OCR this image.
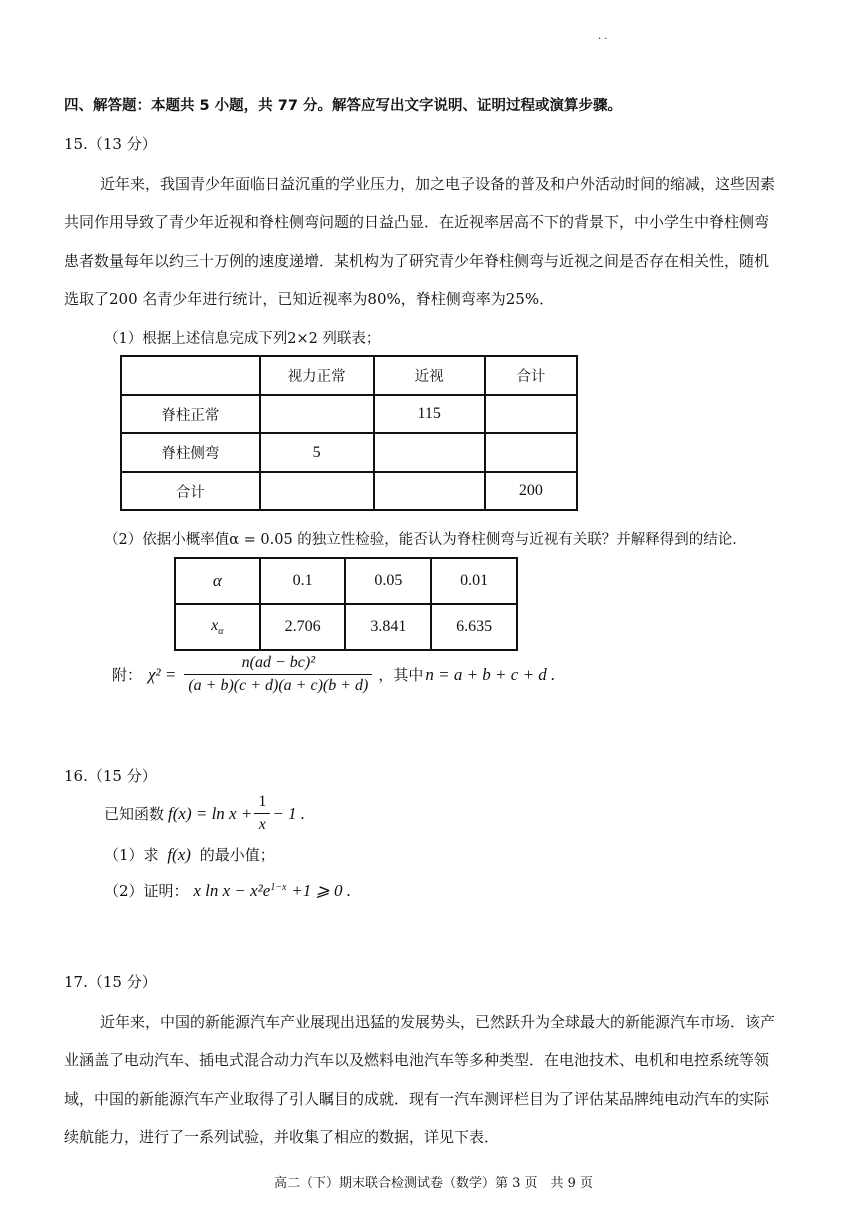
· ·
四、解答题：本题共 5 小题，共 77 分。解答应写出文字说明、证明过程或演算步骤。
15.（13 分）
近年来，我国青少年面临日益沉重的学业压力，加之电子设备的普及和户外活动时间的缩减，这些因素
共同作用导致了青少年近视和脊柱侧弯问题的日益凸显．在近视率居高不下的背景下，中小学生中脊柱侧弯
患者数量每年以约三十万例的速度递增．某机构为了研究青少年脊柱侧弯与近视之间是否存在相关性，随机
选取了200 名青少年进行统计，已知近视率为80%，脊柱侧弯率为25%．
（1）根据上述信息完成下列2×2 列联表；
	视力正常	近视	合计
脊柱正常		115	
脊柱侧弯	5		
合计			200
（2）依据小概率值α = 0.05 的独立性检验，能否认为脊柱侧弯与近视有关联？并解释得到的结论．
α	0.1	0.05	0.01
$x_\alpha$	2.706	3.841	6.635
附： $\chi^2 = \frac{\text{n(ad − bc)²}}{(a + b)(c + d)(a + c)(b + d)}$ ，其中 n = a + b + c + d .
16.（15 分）
已知函数 $f(x) = \ln x + \frac{1}{x} - 1$ .
（1）求 f(x) 的最小值；
（2）证明： x $\ln x - x^2e^{1-x} +1$ ⩾ 0 .
17.（15 分）
近年来，中国的新能源汽车产业展现出迅猛的发展势头，已然跃升为全球最大的新能源汽车市场．该产
业涵盖了电动汽车、插电式混合动力汽车以及燃料电池汽车等多种类型．在电池技术、电机和电控系统等领
域，中国的新能源汽车产业取得了引人瞩目的成就．现有一汽车测评栏目为了评估某品牌纯电动汽车的实际
续航能力，进行了一系列试验，并收集了相应的数据，详见下表．
高二（下）期末联合检测试卷（数学）第 3 页　共 9 页
